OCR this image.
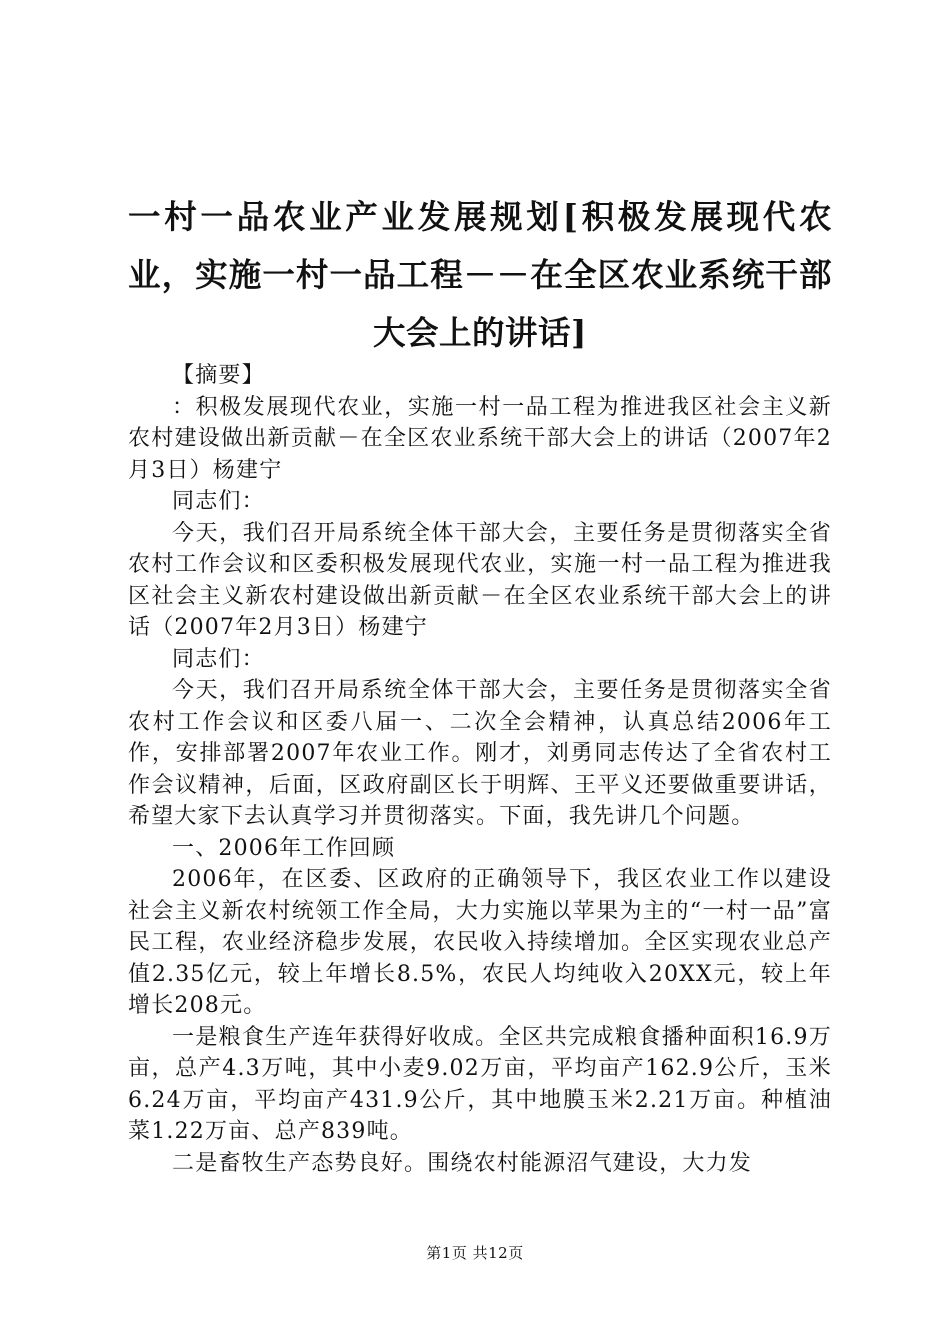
一村一品农业产业发展规划[积极发展现代农业，实施一村一品工程－－在全区农业系统干部大会上的讲话]

【摘要】

：积极发展现代农业，实施一村一品工程为推进我区社会主义新农村建设做出新贡献－在全区农业系统干部大会上的讲话（2007年2月3日）杨建宁

同志们：

今天，我们召开局系统全体干部大会，主要任务是贯彻落实全省农村工作会议和区委积极发展现代农业，实施一村一品工程为推进我区社会主义新农村建设做出新贡献－在全区农业系统干部大会上的讲话（2007年2月3日）杨建宁

同志们：

今天，我们召开局系统全体干部大会，主要任务是贯彻落实全省农村工作会议和区委八届一、二次全会精神，认真总结2006年工作，安排部署2007年农业工作。刚才，刘勇同志传达了全省农村工作会议精神，后面，区政府副区长于明辉、王平义还要做重要讲话，希望大家下去认真学习并贯彻落实。下面，我先讲几个问题。

一、2006年工作回顾

2006年，在区委、区政府的正确领导下，我区农业工作以建设社会主义新农村统领工作全局，大力实施以苹果为主的“一村一品”富民工程，农业经济稳步发展，农民收入持续增加。全区实现农业总产值2.35亿元，较上年增长8.5%，农民人均纯收入20XX元，较上年增长208元。

一是粮食生产连年获得好收成。全区共完成粮食播种面积16.9万亩，总产4.3万吨，其中小麦9.02万亩，平均亩产162.9公斤，玉米6.24万亩，平均亩产431.9公斤，其中地膜玉米2.21万亩。种植油菜1.22万亩、总产839吨。

二是畜牧生产态势良好。围绕农村能源沼气建设，大力发

第1页 共12页
